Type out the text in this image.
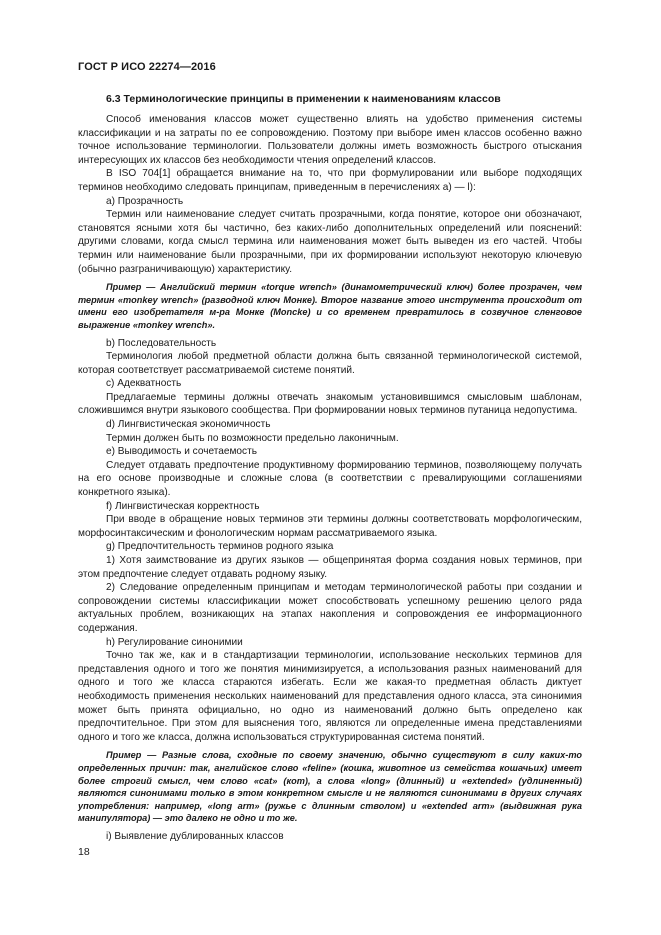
ГОСТ Р ИСО 22274—2016
6.3 Терминологические принципы в применении к наименованиям классов

Способ именования классов может существенно влиять на удобство применения системы классификации и на затраты по ее сопровождению. Поэтому при выборе имен классов особенно важно точное использование терминологии. Пользователи должны иметь возможность быстрого отыскания интересующих их классов без необходимости чтения определений классов.

В ISO 704[1] обращается внимание на то, что при формулировании или выборе подходящих терминов необходимо следовать принципам, приведенным в перечислениях а) — l):

a) Прозрачность

Термин или наименование следует считать прозрачными, когда понятие, которое они обозначают, становятся ясными хотя бы частично, без каких-либо дополнительных определений или пояснений: другими словами, когда смысл термина или наименования может быть выведен из его частей. Чтобы термин или наименование были прозрачными, при их формировании используют некоторую ключевую (обычно разграничивающую) характеристику.

Пример — Английский термин «torque wrench» (динамометрический ключ) более прозрачен, чем термин «monkey wrench» (разводной ключ Монке). Второе название этого инструмента происходит от имени его изобретателя м-ра Монке (Moncke) и со временем превратилось в созвучное сленговое выражение «monkey wrench».

b) Последовательность

Терминология любой предметной области должна быть связанной терминологической системой, которая соответствует рассматриваемой системе понятий.

c) Адекватность

Предлагаемые термины должны отвечать знакомым установившимся смысловым шаблонам, сложившимся внутри языкового сообщества. При формировании новых терминов путаница недопустима.

d) Лингвистическая экономичность

Термин должен быть по возможности предельно лаконичным.

e) Выводимость и сочетаемость

Следует отдавать предпочтение продуктивному формированию терминов, позволяющему получать на его основе производные и сложные слова (в соответствии с превалирующими соглашениями конкретного языка).

f) Лингвистическая корректность

При вводе в обращение новых терминов эти термины должны соответствовать морфологическим, морфосинтаксическим и фонологическим нормам рассматриваемого языка.

g) Предпочтительность терминов родного языка

1) Хотя заимствование из других языков — общепринятая форма создания новых терминов, при этом предпочтение следует отдавать родному языку.

2) Следование определенным принципам и методам терминологической работы при создании и сопровождении системы классификации может способствовать успешному решению целого ряда актуальных проблем, возникающих на этапах накопления и сопровождения ее информационного содержания.

h) Регулирование синонимии

Точно так же, как и в стандартизации терминологии, использование нескольких терминов для представления одного и того же понятия минимизируется, а использования разных наименований для одного и того же класса стараются избегать. Если же какая-то предметная область диктует необходимость применения нескольких наименований для представления одного класса, эта синонимия может быть принята официально, но одно из наименований должно быть определено как предпочтительное. При этом для выяснения того, являются ли определенные имена представлениями одного и того же класса, должна использоваться структурированная система понятий.

Пример — Разные слова, сходные по своему значению, обычно существуют в силу каких-то определенных причин: так, английское слово «feline» (кошка, животное из семейства кошачьих) имеет более строгий смысл, чем слово «cat» (кот), а слова «long» (длинный) и «extended» (удлиненный) являются синонимами только в этом конкретном смысле и не являются синонимами в других случаях употребления: например, «long arm» (ружье с длинным стволом) и «extended arm» (выдвижная рука манипулятора) — это далеко не одно и то же.

i) Выявление дублированных классов

18
